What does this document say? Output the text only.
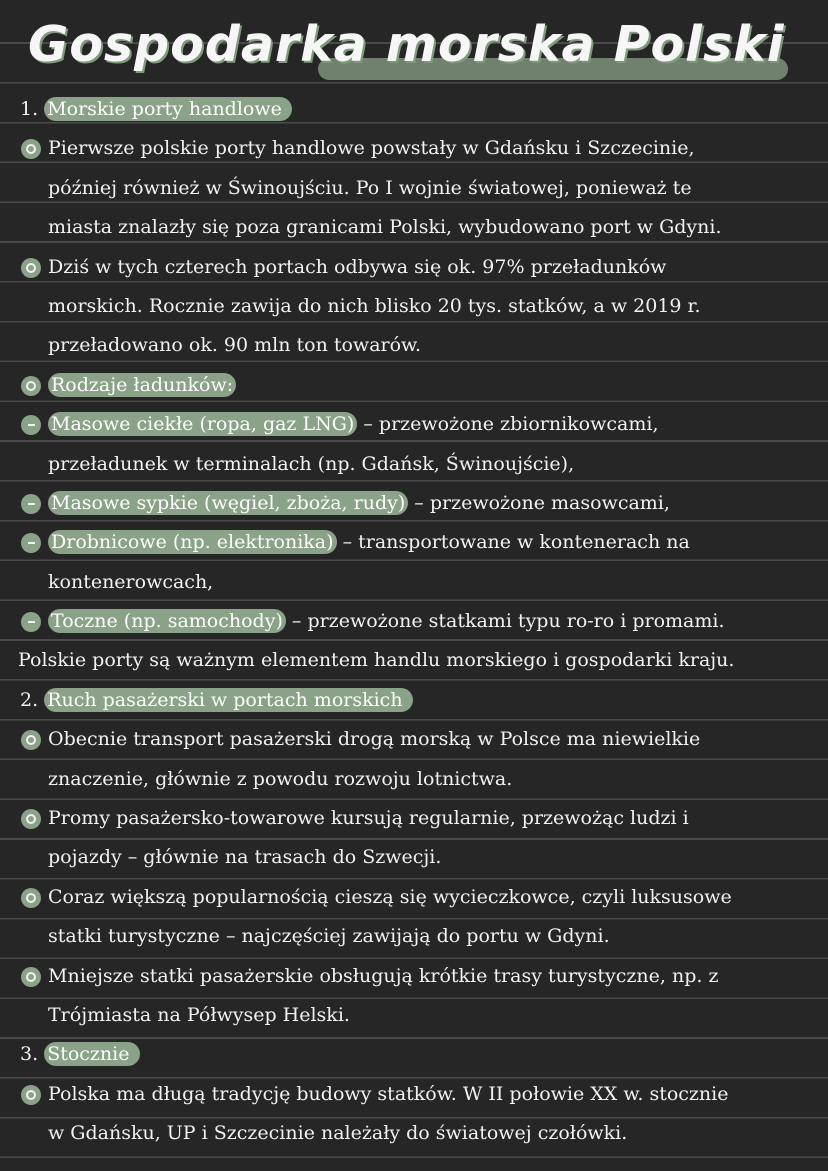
Gospodarka morska Polski
1. Morskie porty handlowe
Pierwsze polskie porty handlowe powstały w Gdańsku i Szczecinie,
później również w Świnoujściu. Po I wojnie światowej, ponieważ te
miasta znalazły się poza granicami Polski, wybudowano port w Gdyni.
Dziś w tych czterech portach odbywa się ok. 97% przeładunków
morskich. Rocznie zawija do nich blisko 20 tys. statków, a w 2019 r.
przeładowano ok. 90 mln ton towarów.
Rodzaje ładunków:
Masowe ciekłe (ropa, gaz LNG) – przewożone zbiornikowcami,
przeładunek w terminalach (np. Gdańsk, Świnoujście),
Masowe sypkie (węgiel, zboża, rudy) – przewożone masowcami,
Drobnicowe (np. elektronika) – transportowane w kontenerach na
kontenerowcach,
Toczne (np. samochody) – przewożone statkami typu ro-ro i promami.
Polskie porty są ważnym elementem handlu morskiego i gospodarki kraju.
2. Ruch pasażerski w portach morskich
Obecnie transport pasażerski drogą morską w Polsce ma niewielkie
znaczenie, głównie z powodu rozwoju lotnictwa.
Promy pasażersko-towarowe kursują regularnie, przewożąc ludzi i
pojazdy – głównie na trasach do Szwecji.
Coraz większą popularnością cieszą się wycieczkowce, czyli luksusowe
statki turystyczne – najczęściej zawijają do portu w Gdyni.
Mniejsze statki pasażerskie obsługują krótkie trasy turystyczne, np. z
Trójmiasta na Półwysep Helski.
3. Stocznie
Polska ma długą tradycję budowy statków. W II połowie XX w. stocznie
w Gdańsku, UP i Szczecinie należały do światowej czołówki.
